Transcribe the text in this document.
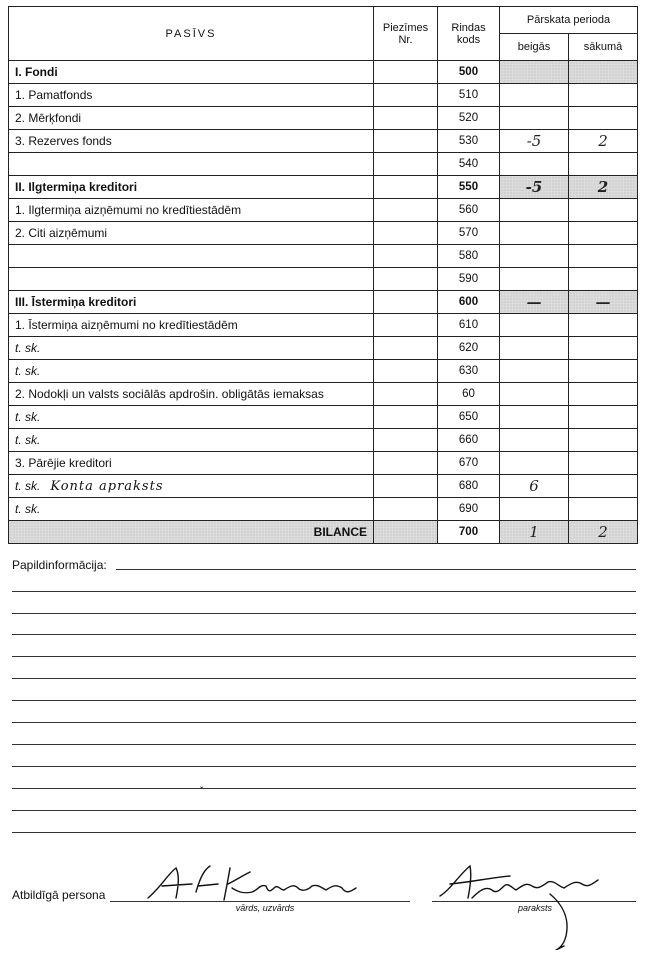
PASĪVS	Piezīmes Nr.	Rindas kods	Pārskata perioda	
			beigās	sākumā
I. Fondi		500		
1. Pamatfonds		510		
2. Mērķfondi		520		
3. Rezerves fonds		530	-5	2
		540		
II. Ilgtermiņa kreditori		550	-5	2
1. Ilgtermiņa aizņēmumi no kredītiestādēm		560		
2. Citi aizņēmumi		570		
		580		
		590		
III. Īstermiņa kreditori		600	—	—
1. Īstermiņa aizņēmumi no kredītiestādēm		610		
t. sk.		620		
t. sk.		630		
2. Nodokļi un valsts sociālās apdrošin. obligātās iemaksas		60		
t. sk.		650		
t. sk.		660		
3. Pārējie kreditori		670		
t. sk. Konta apraksts		680	6	
t. sk.		690		
BILANCE		700	1	2
Papildinformācija:
Atbildīgā persona
vārds, uzvārds	paraksts
ˇ
